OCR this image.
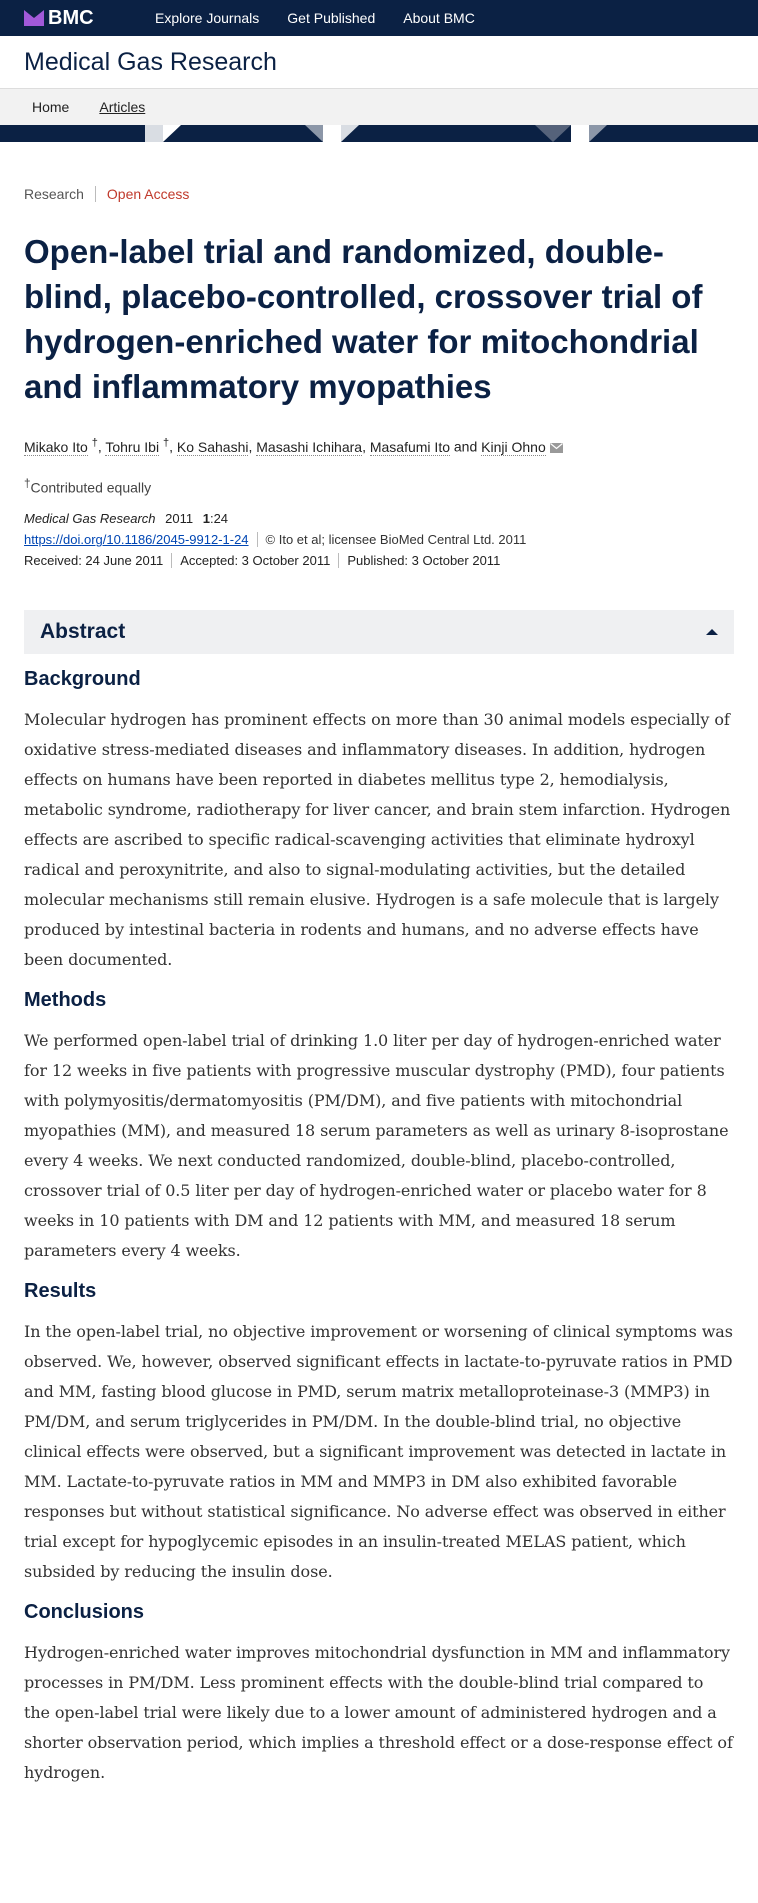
BMC	Explore Journals Get Published About BMC
Medical Gas Research
Home Articles
Research	Open Access
Open-label trial and randomized, double-blind, placebo-controlled, crossover trial of hydrogen-enriched water for mitochondrial and inflammatory myopathies
Mikako Ito †, Tohru Ibi †, Ko Sahashi, Masashi Ichihara, Masafumi Ito and Kinji Ohno
†Contributed equally
Medical Gas Research 2011 1:24
https://doi.org/10.1186/2045-9912-1-24	© Ito et al; licensee BioMed Central Ltd. 2011
Received: 24 June 2011	Accepted: 3 October 2011	Published: 3 October 2011
Abstract
Background

Molecular hydrogen has prominent effects on more than 30 animal models especially of oxidative stress-mediated diseases and inflammatory diseases. In addition, hydrogen effects on humans have been reported in diabetes mellitus type 2, hemodialysis, metabolic syndrome, radiotherapy for liver cancer, and brain stem infarction. Hydrogen effects are ascribed to specific radical-scavenging activities that eliminate hydroxyl radical and peroxynitrite, and also to signal-modulating activities, but the detailed molecular mechanisms still remain elusive. Hydrogen is a safe molecule that is largely produced by intestinal bacteria in rodents and humans, and no adverse effects have been documented.

Methods

We performed open-label trial of drinking 1.0 liter per day of hydrogen-enriched water for 12 weeks in five patients with progressive muscular dystrophy (PMD), four patients with polymyositis/dermatomyositis (PM/DM), and five patients with mitochondrial myopathies (MM), and measured 18 serum parameters as well as urinary 8-isoprostane every 4 weeks. We next conducted randomized, double-blind, placebo-controlled, crossover trial of 0.5 liter per day of hydrogen-enriched water or placebo water for 8 weeks in 10 patients with DM and 12 patients with MM, and measured 18 serum parameters every 4 weeks.

Results

In the open-label trial, no objective improvement or worsening of clinical symptoms was observed. We, however, observed significant effects in lactate-to-pyruvate ratios in PMD and MM, fasting blood glucose in PMD, serum matrix metalloproteinase-3 (MMP3) in PM/DM, and serum triglycerides in PM/DM. In the double-blind trial, no objective clinical effects were observed, but a significant improvement was detected in lactate in MM. Lactate-to-pyruvate ratios in MM and MMP3 in DM also exhibited favorable responses but without statistical significance. No adverse effect was observed in either trial except for hypoglycemic episodes in an insulin-treated MELAS patient, which subsided by reducing the insulin dose.

Conclusions

Hydrogen-enriched water improves mitochondrial dysfunction in MM and inflammatory processes in PM/DM. Less prominent effects with the double-blind trial compared to the open-label trial were likely due to a lower amount of administered hydrogen and a shorter observation period, which implies a threshold effect or a dose-response effect of hydrogen.
